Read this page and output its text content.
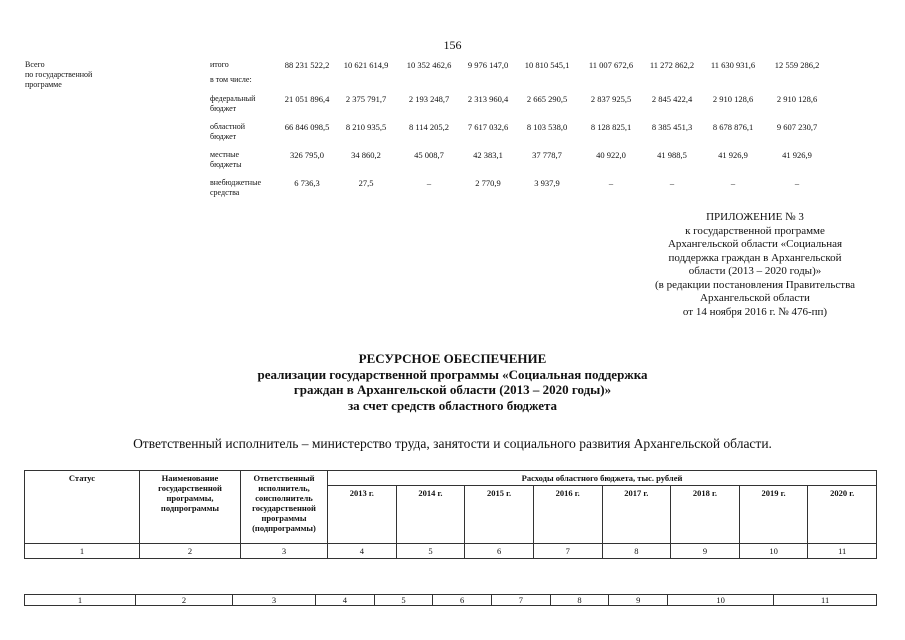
156
Всего
по государственной
программе
итого	88 231 522,2	10 621 614,9	10 352 462,6	9 976 147,0	10 810 545,1	11 007 672,6	11 272 862,2	11 630 931,6	12 559 286,2
в том числе:
федеральный
бюджет
21 051 896,4	2 375 791,7	2 193 248,7	2 313 960,4	2 665 290,5	2 837 925,5	2 845 422,4	2 910 128,6	2 910 128,6
областной
бюджет
66 846 098,5	8 210 935,5	8 114 205,2	7 617 032,6	8 103 538,0	8 128 825,1	8 385 451,3	8 678 876,1	9 607 230,7
местные
бюджеты
326 795,0	34 860,2	45 008,7	42 383,1	37 778,7	40 922,0	41 988,5	41 926,9	41 926,9
внебюджетные
средства
6 736,3	27,5	–	2 770,9	3 937,9	–	–	–	–
ПРИЛОЖЕНИЕ № 3
к государственной программе
Архангельской области «Социальная
поддержка граждан в Архангельской
области (2013 – 2020 годы)»
(в редакции постановления Правительства
Архангельской области
от 14 ноября 2016 г. № 476-пп)
РЕСУРСНОЕ ОБЕСПЕЧЕНИЕ
реализации государственной программы «Социальная поддержка
граждан в Архангельской области (2013 – 2020 годы)»
за счет средств областного бюджета
Ответственный исполнитель – министерство труда, занятости и социального развития Архангельской области.
Статус	Наименование государственной программы, подпрограммы	Ответственный исполнитель, соисполнитель государственной программы (подпрограммы)	Расходы областного бюджета, тыс. рублей							
			2013 г.	2014 г.	2015 г.	2016 г.	2017 г.	2018 г.	2019 г.	2020 г.
1	2	3	4	5	6	7	8	9	10	11
1	2	3	4	5	6	7	8	9	10	11
